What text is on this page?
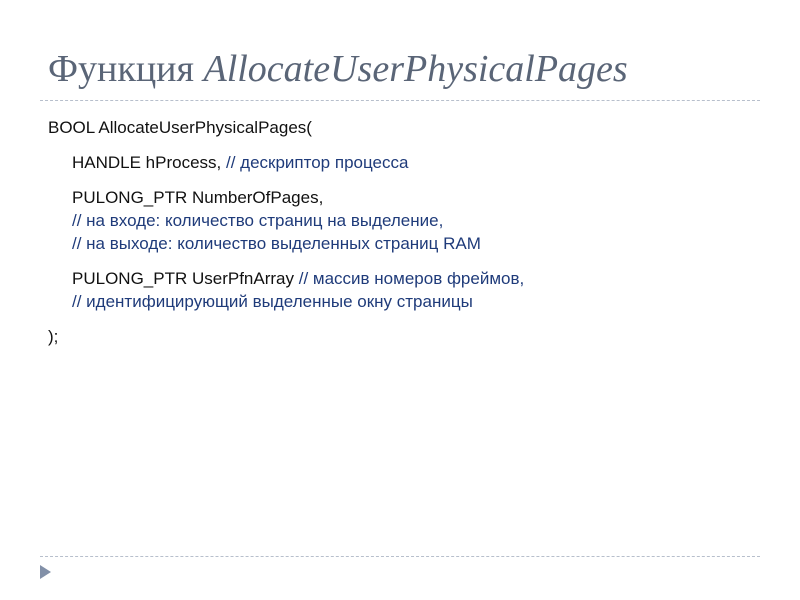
Функция AllocateUserPhysicalPages
BOOL AllocateUserPhysicalPages(
HANDLE hProcess, // дескриптор процесса
PULONG_PTR NumberOfPages,
// на входе: количество страниц на выделение,
// на выходе: количество выделенных страниц RAM
PULONG_PTR UserPfnArray // массив номеров фреймов,
// идентифицирующий выделенные окну страницы
);
